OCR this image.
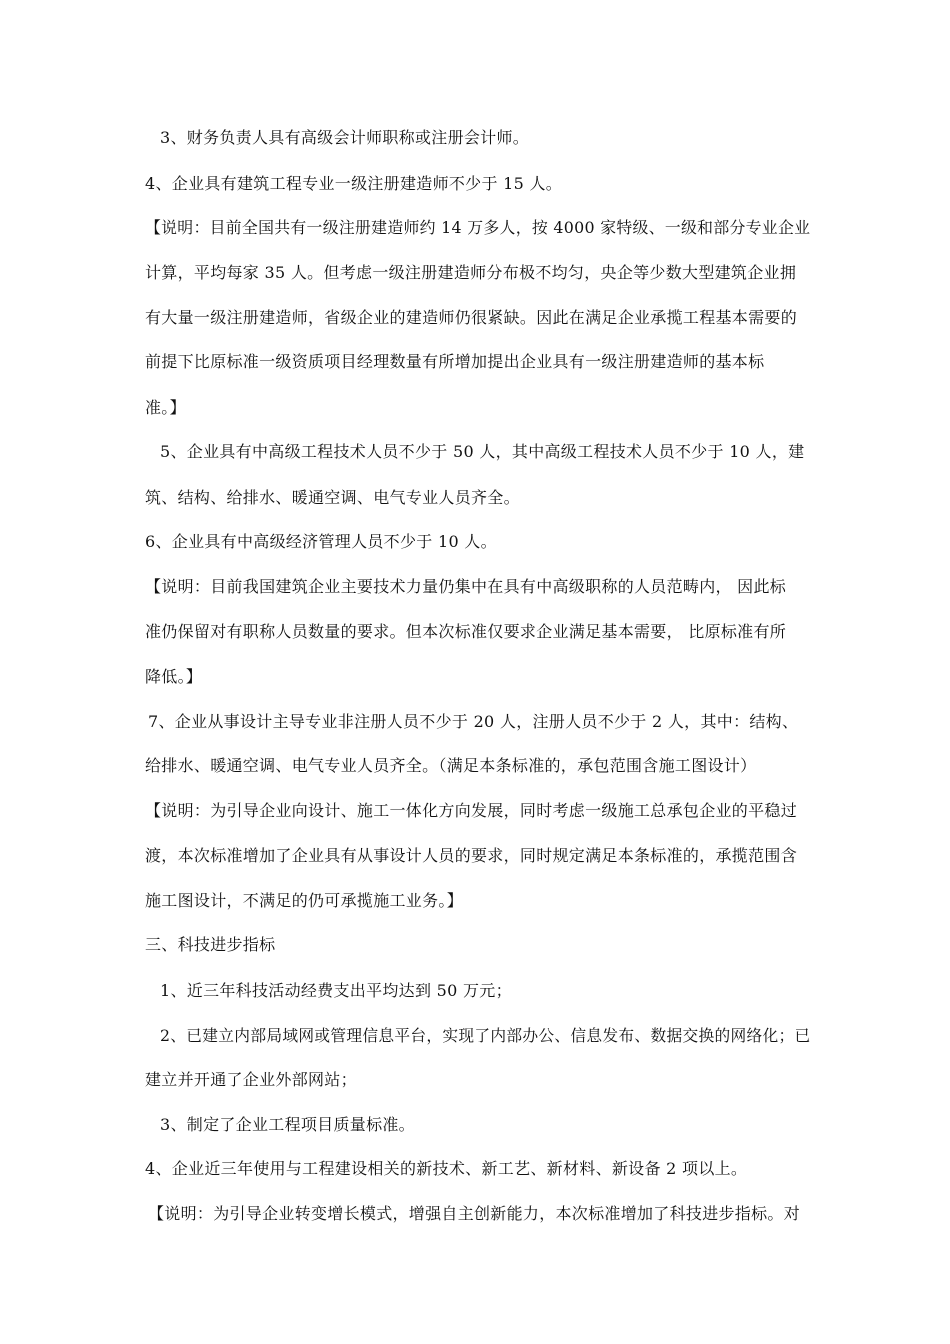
3、财务负责人具有高级会计师职称或注册会计师。
4、企业具有建筑工程专业一级注册建造师不少于 15 人。
【说明：目前全国共有一级注册建造师约 14 万多人，按 4000 家特级、一级和部分专业企业
计算，平均每家 35 人。但考虑一级注册建造师分布极不均匀，央企等少数大型建筑企业拥
有大量一级注册建造师，省级企业的建造师仍很紧缺。因此在满足企业承揽工程基本需要的
前提下比原标准一级资质项目经理数量有所增加提出企业具有一级注册建造师的基本标
准。】
5、企业具有中高级工程技术人员不少于 50 人，其中高级工程技术人员不少于 10 人，建
筑、结构、给排水、暖通空调、电气专业人员齐全。
6、企业具有中高级经济管理人员不少于 10 人。
【说明：目前我国建筑企业主要技术力量仍集中在具有中高级职称的人员范畴内， 因此标
准仍保留对有职称人员数量的要求。但本次标准仅要求企业满足基本需要， 比原标准有所
降低。】
7、企业从事设计主导专业非注册人员不少于 20 人，注册人员不少于 2 人，其中：结构、
给排水、暖通空调、电气专业人员齐全。（满足本条标准的，承包范围含施工图设计）
【说明：为引导企业向设计、施工一体化方向发展，同时考虑一级施工总承包企业的平稳过
渡，本次标准增加了企业具有从事设计人员的要求，同时规定满足本条标准的，承揽范围含
施工图设计，不满足的仍可承揽施工业务。】
三、科技进步指标
1、近三年科技活动经费支出平均达到 50 万元；
2、已建立内部局域网或管理信息平台，实现了内部办公、信息发布、数据交换的网络化；已
建立并开通了企业外部网站；
3、制定了企业工程项目质量标准。
4、企业近三年使用与工程建设相关的新技术、新工艺、新材料、新设备 2 项以上。
【说明：为引导企业转变增长模式，增强自主创新能力，本次标准增加了科技进步指标。对
